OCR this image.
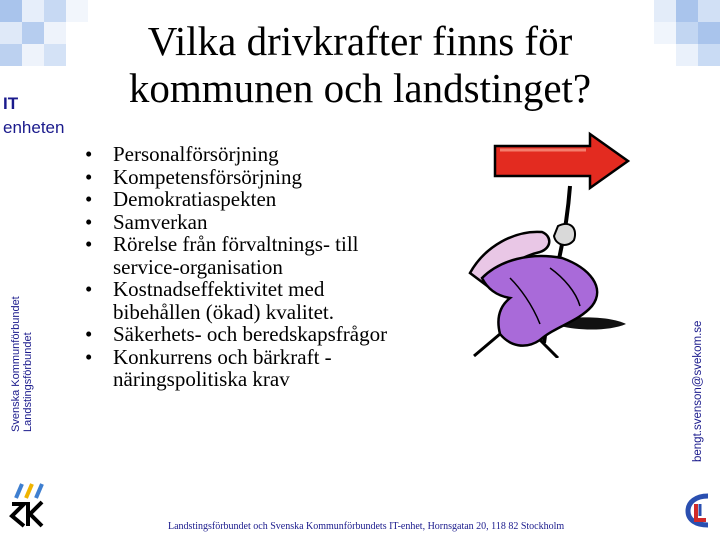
IT
enheten
Svenska Kommunförbundet Landstingsförbundet	bengt.svenson@svekom.se
Vilka drivkrafter finns för
kommunen och landstinget?
• Personalförsörjning
• Kompetensförsörjning
• Demokratiaspekten
• Samverkan
• Rörelse från förvaltnings- till service-organisation
• Kostnadseffektivitet med bibehållen (ökad) kvalitet.
• Säkerhets- och beredskapsfrågor
• Konkurrens och bärkraft - näringspolitiska krav
Landstingsförbundet och Svenska Kommunförbundets IT-enhet, Hornsgatan 20, 118 82 Stockholm
